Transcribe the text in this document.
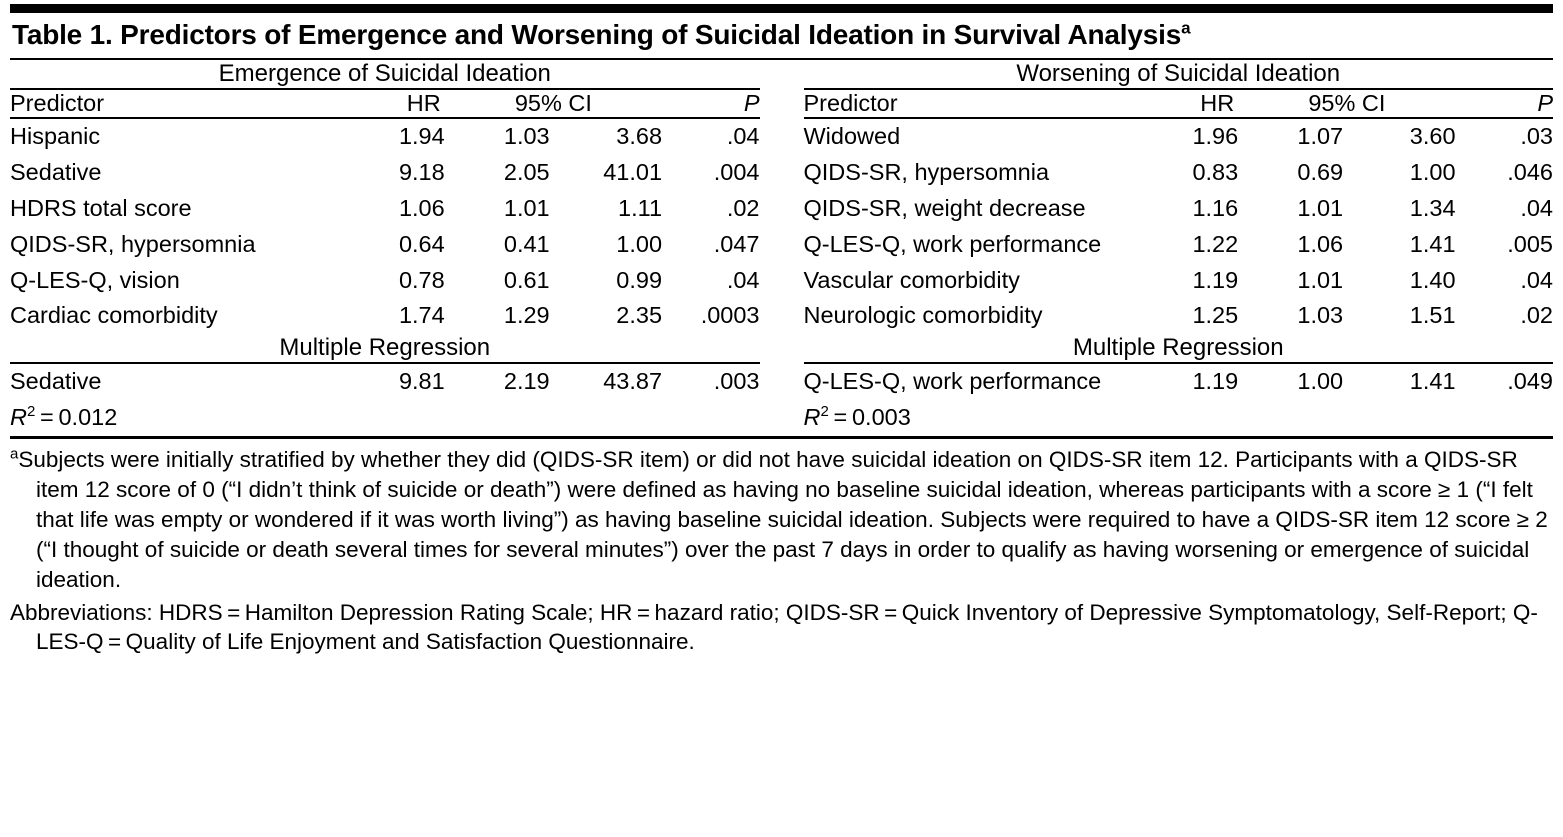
Table 1. Predictors of Emergence and Worsening of Suicidal Ideation in Survival Analysis$^a$
Emergence of Suicidal Ideation				
Predictor	HR	95% CI		P
Hispanic	1.94	1.03	3.68	.04
Sedative	9.18	2.05	41.01	.004
HDRS total score	1.06	1.01	1.11	.02
QIDS-SR, hypersomnia	0.64	0.41	1.00	.047
Q-LES-Q, vision	0.78	0.61	0.99	.04
Cardiac comorbidity	1.74	1.29	2.35	.0003
Multiple Regression				
Sedative	9.81	2.19	43.87	.003
$R^2 = 0.012$				
Worsening of Suicidal Ideation				
Predictor	HR	95% CI		P
Widowed	1.96	1.07	3.60	.03
QIDS-SR, hypersomnia	0.83	0.69	1.00	.046
QIDS-SR, weight decrease	1.16	1.01	1.34	.04
Q-LES-Q, work performance	1.22	1.06	1.41	.005
Vascular comorbidity	1.19	1.01	1.40	.04
Neurologic comorbidity	1.25	1.03	1.51	.02
Multiple Regression				
Q-LES-Q, work performance	1.19	1.00	1.41	.049
$R^2 = 0.003$				
$^a$Subjects were initially stratified by whether they did (QIDS-SR item) or did not have suicidal ideation on QIDS-SR item 12. Participants with a QIDS-SR item 12 score of 0 (“I didn’t think of suicide or death”) were defined as having no baseline suicidal ideation, whereas participants with a score ≥ 1 (“I felt that life was empty or wondered if it was worth living”) as having baseline suicidal ideation. Subjects were required to have a QIDS-SR item 12 score ≥ 2 (“I thought of suicide or death several times for several minutes”) over the past 7 days in order to qualify as having worsening or emergence of suicidal ideation.
Abbreviations: HDRS = Hamilton Depression Rating Scale; HR = hazard ratio; QIDS-SR = Quick Inventory of Depressive Symptomatology, Self-Report; Q-LES-Q = Quality of Life Enjoyment and Satisfaction Questionnaire.
